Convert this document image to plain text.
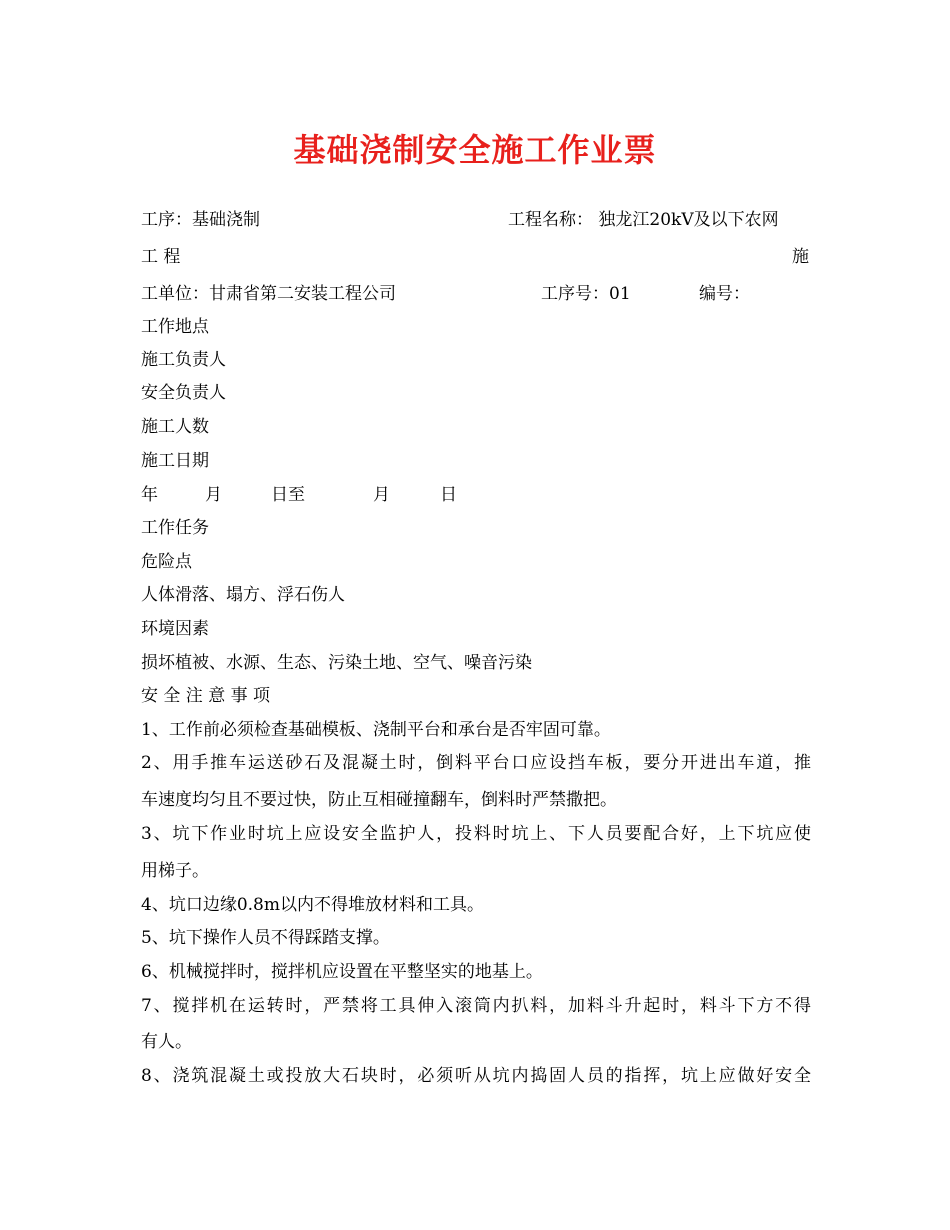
基础浇制安全施工作业票
工序：基础浇制	工程名称： 独龙江20kV及以下农网
工 程	施
工单位：甘肃省第二安装工程公司	工序号：01	编号：
工作地点
施工负责人
安全负责人
施工人数
施工日期
年	月	日至	月	日
工作任务
危险点
人体滑落、塌方、浮石伤人
环境因素
损坏植被、水源、生态、污染土地、空气、噪音污染
安 全 注 意 事 项
1、工作前必须检查基础模板、浇制平台和承台是否牢固可靠。
2、用手推车运送砂石及混凝土时，倒料平台口应设挡车板，要分开进出车道，推
车速度均匀且不要过快，防止互相碰撞翻车，倒料时严禁撒把。
3、坑下作业时坑上应设安全监护人，投料时坑上、下人员要配合好，上下坑应使
用梯子。
4、坑口边缘0.8m以内不得堆放材料和工具。
5、坑下操作人员不得踩踏支撑。
6、机械搅拌时，搅拌机应设置在平整坚实的地基上。
7、搅拌机在运转时，严禁将工具伸入滚筒内扒料，加料斗升起时，料斗下方不得
有人。
8、浇筑混凝土或投放大石块时，必须听从坑内捣固人员的指挥，坑上应做好安全
